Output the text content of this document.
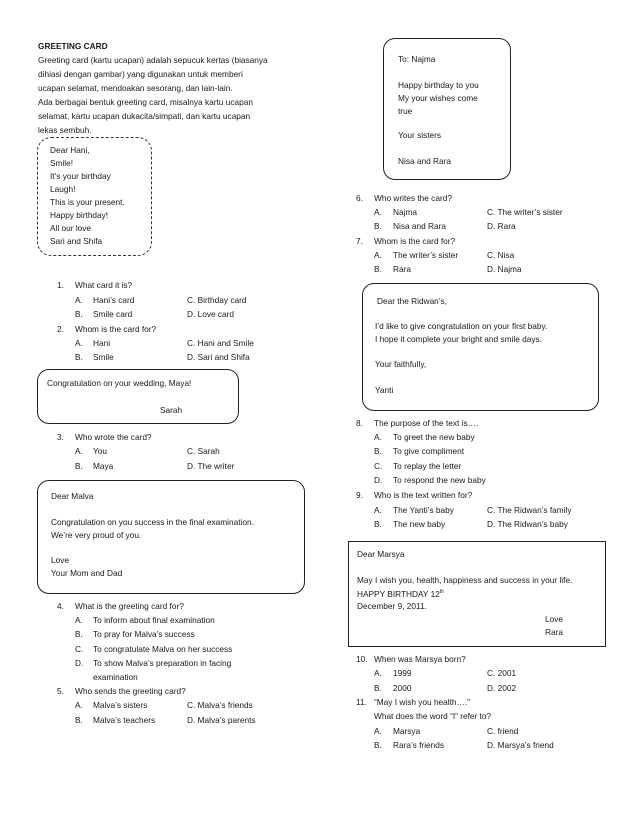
GREETING CARD
Greeting card (kartu ucapan) adalah sepucuk kertas (biasanya
dihiasi dengan gambar) yang digunakan untuk memberi
ucapan selamat, mendoakan sesorang, dan lain-lain.
Ada berbagai bentuk greeting card, misalnya kartu ucapan
selamat, kartu ucapan dukacita/simpati, dan kartu ucapan
lekas sembuh.
Dear Hani,
Smile!
It’s your birthday
Laugh!
This is your present.
Happy birthday!
All our love
Sari and Shifa
1. What card it is?
A. Hani’s card	C. Birthday card
B. Smile card	D. Love card
2. Whom is the card for?
A. Hani	C. Hani and Smile
B. Smile	D. Sari and Shifa
Congratulation on your wedding, Maya!
Sarah
3. Who wrote the card?
A. You	C. Sarah
B. Maya	D. The writer
Dear Malva
Congratulation on you success in the final examination.
We’re very proud of you.
Love
Your Mom and Dad
4. What is the greeting card for?
A. To inform about final examination
B. To pray for Malva’s success
C. To congratulate Malva on her success
D. To show Malva’s preparation in facing
examination
5. Who sends the greeting card?
A. Malva’s sisters	C. Malva’s friends
B. Malva’s teachers	D. Malva’s parents
To: Najma
Happy birthday to you
My your wishes come
true
Your sisters
Nisa and Rara
6. Who writes the card?
A. Najma	C. The writer’s sister
B. Nisa and Rara	D. Rara
7. Whom is the card for?
A. The writer’s sister	C. Nisa
B. Rara	D. Najma
Dear the Ridwan’s,
I’d like to give congratulation on your first baby.
I hope it complete your bright and smile days.
Your faithfully,
Yanti
8. The purpose of the text is….
A. To greet the new baby
B. To give compliment
C. To replay the letter
D. To respond the new baby
9. Who is the text written for?
A. The Yanti’s baby	C. The Ridwan’s family
B. The new baby	D. The Ridwan’s baby
Dear Marsya
May I wish you, health, happiness and success in your life.
HAPPY BIRTHDAY 12th
December 9, 2011.
Love
Rara
10. When was Marsya born?
A. 1999	C. 2001
B. 2000	D. 2002
11. “May I wish you health….”
What does the word “I” refer to?
A. Marsya	C. friend
B. Rara’s friends	D. Marsya’s friend
